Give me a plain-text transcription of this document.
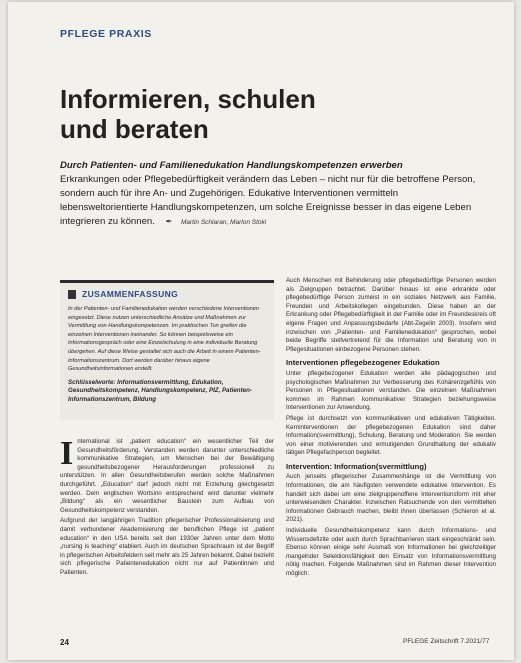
PFLEGE PRAXIS
Informieren, schulen
und beraten
Durch Patienten- und Familienedukation Handlungskompetenzen erwerben
Erkrankungen oder Pflegebedürftigkeit verändern das Leben – nicht nur für die betroffene Person, sondern auch für ihre An- und Zugehörigen. Edukative Interventionen vermitteln lebensweltorientierte Handlungskompetenzen, um solche Ereignisse besser in das eigene Leben integrieren zu können. ✒ Martin Schlaran, Marlon Stoki
ZUSAMMENFASSUNG
In der Patienten- und Familienedukation werden verschiedene Interventionen eingesetzt. Diese nutzen unterschiedliche Ansätze und Maßnahmen zur Vermittlung von Handlungskompetenzen. Im praktischen Tun greifen die einzelnen Interventionen ineinander. So können beispielsweise ein Informationsgespräch oder eine Einzelschulung in eine individuelle Beratung übergehen. Auf diese Weise gestaltet sich auch die Arbeit in einem Patienten-Informationszentrum. Dort werden darüber hinaus eigene Gesundheitsinformationen erstellt.
Schlüsselworte: Informationsvermittlung, Edukation, Gesundheitskompetenz, Handlungskompetenz, PIZ, Patienten-Informationszentrum, Bildung

International ist „patient education“ ein wesentlicher Teil der Gesundheitsförderung. Verstanden werden darunter unterschiedliche kommunikative Strategien, um Menschen bei der Bewältigung gesundheitsbezogener Herausforderungen professionell zu unterstützen. In allen Gesundheitsberufen werden solche Maßnahmen durchgeführt. „Education“ darf jedoch nicht mit Erziehung gleichgesetzt werden. Dem englischen Wortsinn entsprechend wird darunter vielmehr „Bildung“ als ein wesentlicher Baustein zum Aufbau von Gesundheitskompetenz verstanden.

Aufgrund der langjährigen Tradition pflegerischer Professionalisierung und damit verbundener Akademisierung der beruflichen Pflege ist „patient education“ in den USA bereits seit den 1930er Jahren unter dem Motto „nursing is teaching“ etabliert. Auch im deutschen Sprachraum ist der Begriff in pflegerischen Arbeitsfeldern seit mehr als 25 Jahren bekannt. Dabei bezieht sich pflegerische Patientenedukation nicht nur auf Patientinnen und Patienten.

Auch Menschen mit Behinderung oder pflegebedürftige Personen werden als Zielgruppen betrachtet. Darüber hinaus ist eine erkrankte oder pflegebedürftige Person zumeist in ein soziales Netzwerk aus Familie, Freunden und Arbeitskollegen eingebunden. Diese haben an der Erkrankung oder Pflegebedürftigkeit in der Familie oder im Freundeskreis oft eigene Fragen und Anpassungsbedarfe (Abt-Zegelin 2003). Insofern wird inzwischen von „Patienten- und Familienedukation“ gesprochen, wobei beide Begriffe stellvertretend für die Information und Beratung von in Pflegesituationen einbezogene Personen stehen.

Interventionen pflegebezogener Edukation

Unter pflegebezogener Edukation werden alle pädagogischen und psychologischen Maßnahmen zur Verbesserung des Kohärenzgefühls von Personen in Pflegesituationen verstanden. Die einzelnen Maßnahmen kommen im Rahmen kommunikativer Strategien beziehungsweise Interventionen zur Anwendung.

Pflege ist durchsetzt von kommunikativen und edukativen Tätigkeiten. Kerninterventionen der pflegebezogenen Edukation sind daher Information(svermittlung), Schulung, Beratung und Moderation. Sie werden von einer motivierenden und ermutigenden Grundhaltung der edukativ tätigen Pflegefachperson begleitet.

Intervention: Information(svermittlung)

Auch jenseits pflegerischer Zusammenhänge ist die Vermittlung von Informationen, die am häufigsten verwendete edukative Intervention. Es handelt sich dabei um eine zielgruppenoffene Interventionsform mit eher unterweisendem Charakter. Inzwischen Ratsuchende von den vermittelten Informationen Gebrauch machen, bleibt ihnen überlassen (Schieron et al. 2021).

Individuelle Gesundheitskompetenz kann durch Informations- und Wissensdefizite oder auch durch Sprachbarrieren stark eingeschränkt sein. Ebenso können einige sehr Ausmaß von Informationen bei gleichzeitiger mangelnder Selektionsfähigkeit den Einsatz von Informationsvermittlung nötig machen. Folgende Maßnahmen sind im Rahmen dieser Intervention möglich:

24	PFLEGE Zeitschrift 7.2021/77
